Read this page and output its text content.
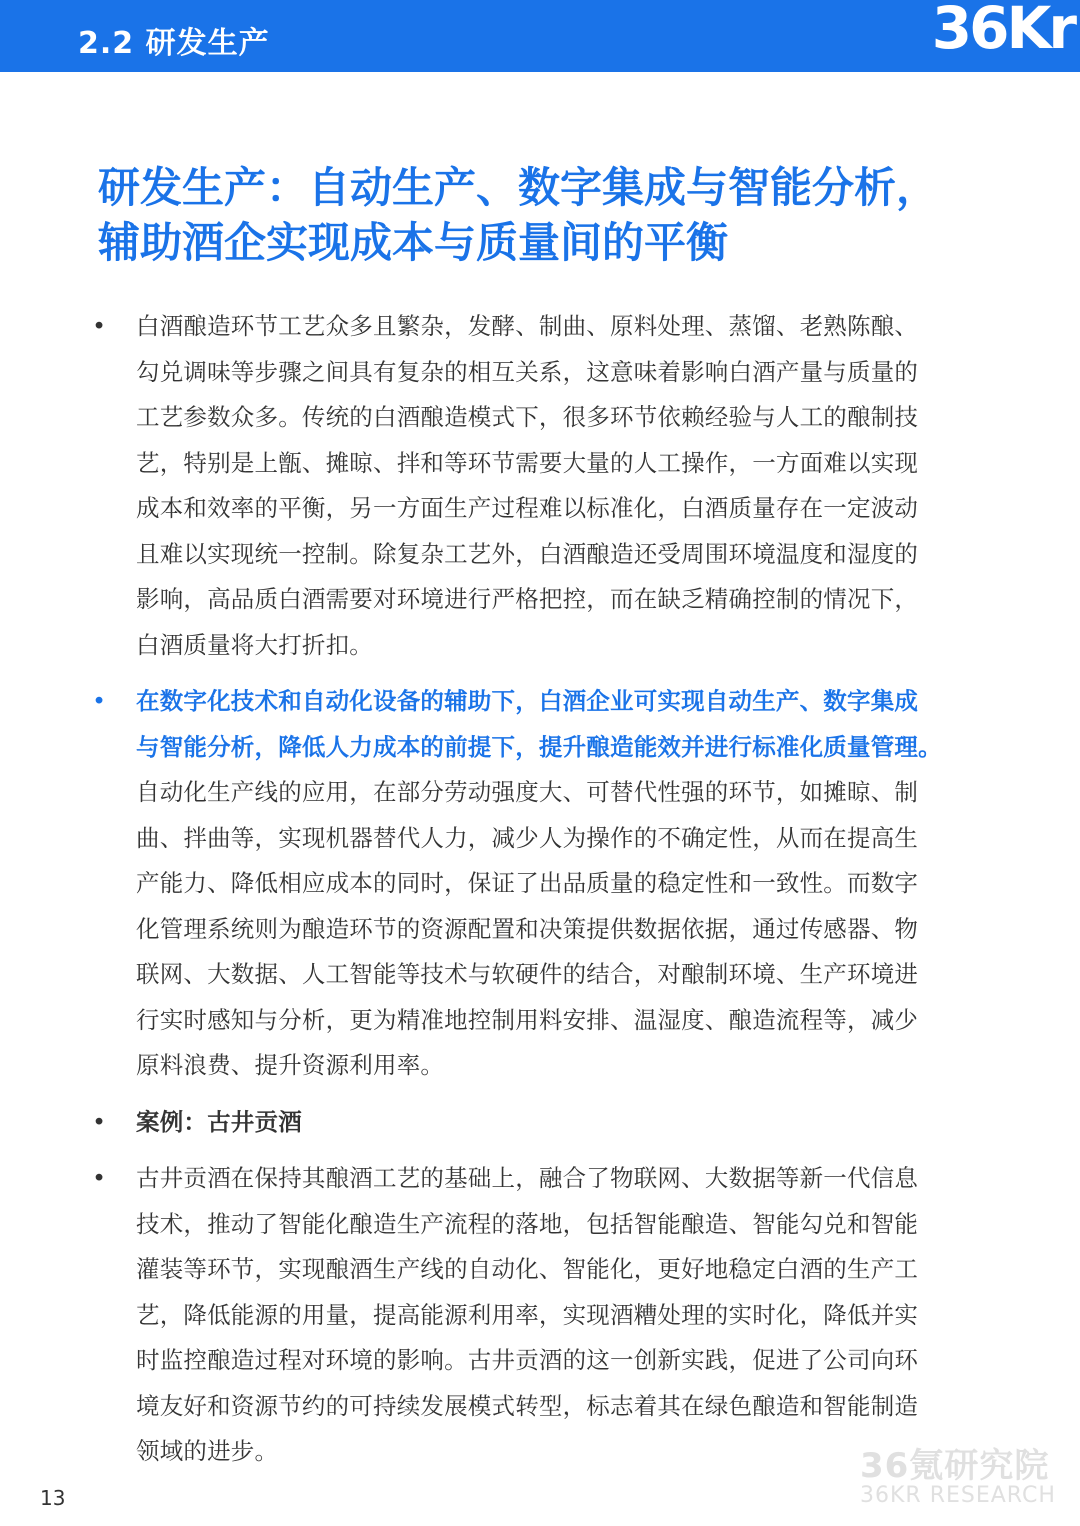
2.2 研发生产	36Kr
研发生产：自动生产、数字集成与智能分析，
辅助酒企实现成本与质量间的平衡
• 白酒酿造环节工艺众多且繁杂，发酵、制曲、原料处理、蒸馏、老熟陈酿、
勾兑调味等步骤之间具有复杂的相互关系，这意味着影响白酒产量与质量的
工艺参数众多。传统的白酒酿造模式下，很多环节依赖经验与人工的酿制技
艺，特别是上甑、摊晾、拌和等环节需要大量的人工操作，一方面难以实现
成本和效率的平衡，另一方面生产过程难以标准化，白酒质量存在一定波动
且难以实现统一控制。除复杂工艺外，白酒酿造还受周围环境温度和湿度的
影响，高品质白酒需要对环境进行严格把控，而在缺乏精确控制的情况下，
白酒质量将大打折扣。
• 在数字化技术和自动化设备的辅助下，白酒企业可实现自动生产、数字集成
与智能分析，降低人力成本的前提下，提升酿造能效并进行标准化质量管理。
自动化生产线的应用，在部分劳动强度大、可替代性强的环节，如摊晾、制
曲、拌曲等，实现机器替代人力，减少人为操作的不确定性，从而在提高生
产能力、降低相应成本的同时，保证了出品质量的稳定性和一致性。而数字
化管理系统则为酿造环节的资源配置和决策提供数据依据，通过传感器、物
联网、大数据、人工智能等技术与软硬件的结合，对酿制环境、生产环境进
行实时感知与分析，更为精准地控制用料安排、温湿度、酿造流程等，减少
原料浪费、提升资源利用率。
• 案例：古井贡酒
• 古井贡酒在保持其酿酒工艺的基础上，融合了物联网、大数据等新一代信息
技术，推动了智能化酿造生产流程的落地，包括智能酿造、智能勾兑和智能
灌装等环节，实现酿酒生产线的自动化、智能化，更好地稳定白酒的生产工
艺，降低能源的用量，提高能源利用率，实现酒糟处理的实时化，降低并实
时监控酿造过程对环境的影响。古井贡酒的这一创新实践，促进了公司向环
境友好和资源节约的可持续发展模式转型，标志着其在绿色酿造和智能制造
领域的进步。
13
36氪研究院
36KR RESEARCH
